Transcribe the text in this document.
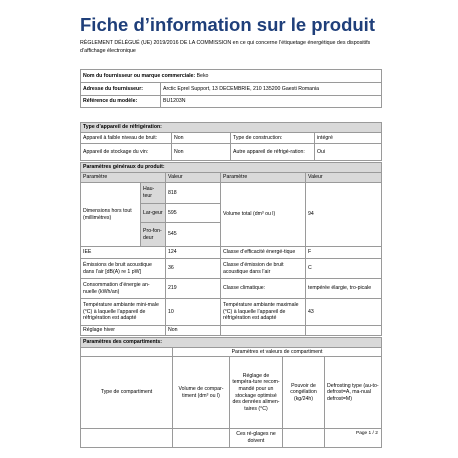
Fiche d’information sur le produit
RÈGLEMENT DÉLÉGUÉ (UE) 2019/2016 DE LA COMMISSION en ce qui concerne l’étiquetage énergétique des dispositifs d’affichage électronique
Nom du fournisseur ou marque commerciale: Beko	
Adresse du fournisseur:	Arctic Eprel Support, 13 DECEMBRIE, 210 135200 Gaesti Romania
Référence du modèle:	BU1203N
Type d’appareil de réfrigération:			
Appareil à faible niveau de bruit:	Non	Type de construction:	intégré
Appareil de stockage du vin:	Non	Autre appareil de réfrigé-ration:	Oui
Paramètres généraux du produit:				
Paramètre		Valeur	Paramètre	Valeur
Dimensions hors tout (millimètres)	Hau-teur	818	Volume total (dm³ ou l)	94
	Lar-geur	595		
	Pro-fon-deur	545		
IEE		124	Classe d’efficacité énergé-tique	F
Émissions de bruit acoustique dans l’air [dB(A) re 1 pW]		36	Classe d’émission de bruit acoustique dans l’air	C
Consommation d’énergie an-nuelle (kWh/an)		219	Classe climatique:	tempérée élargie, tro-picale
Température ambiante mini-male (°C) à laquelle l’appareil de réfrigération est adapté		10	Température ambiante maximale (°C) à laquelle l’appareil de réfrigération est adapté	43
Réglage hiver		Non		
Paramètres des compartiments:				
	Paramètres et valeurs de compartiment			
Type de compartiment	Volume de compar-timent (dm³ ou l)	Réglage de tempéra-ture recom-mandé pour un stockage optimisé des denrées alimen-taires (°C)	Pouvoir de congélation (kg/24h)	Defrosting type (au-to-defrost=A, ma-nual defrost=M)
		Ces ré-glages ne doivent		
Page 1 / 2
